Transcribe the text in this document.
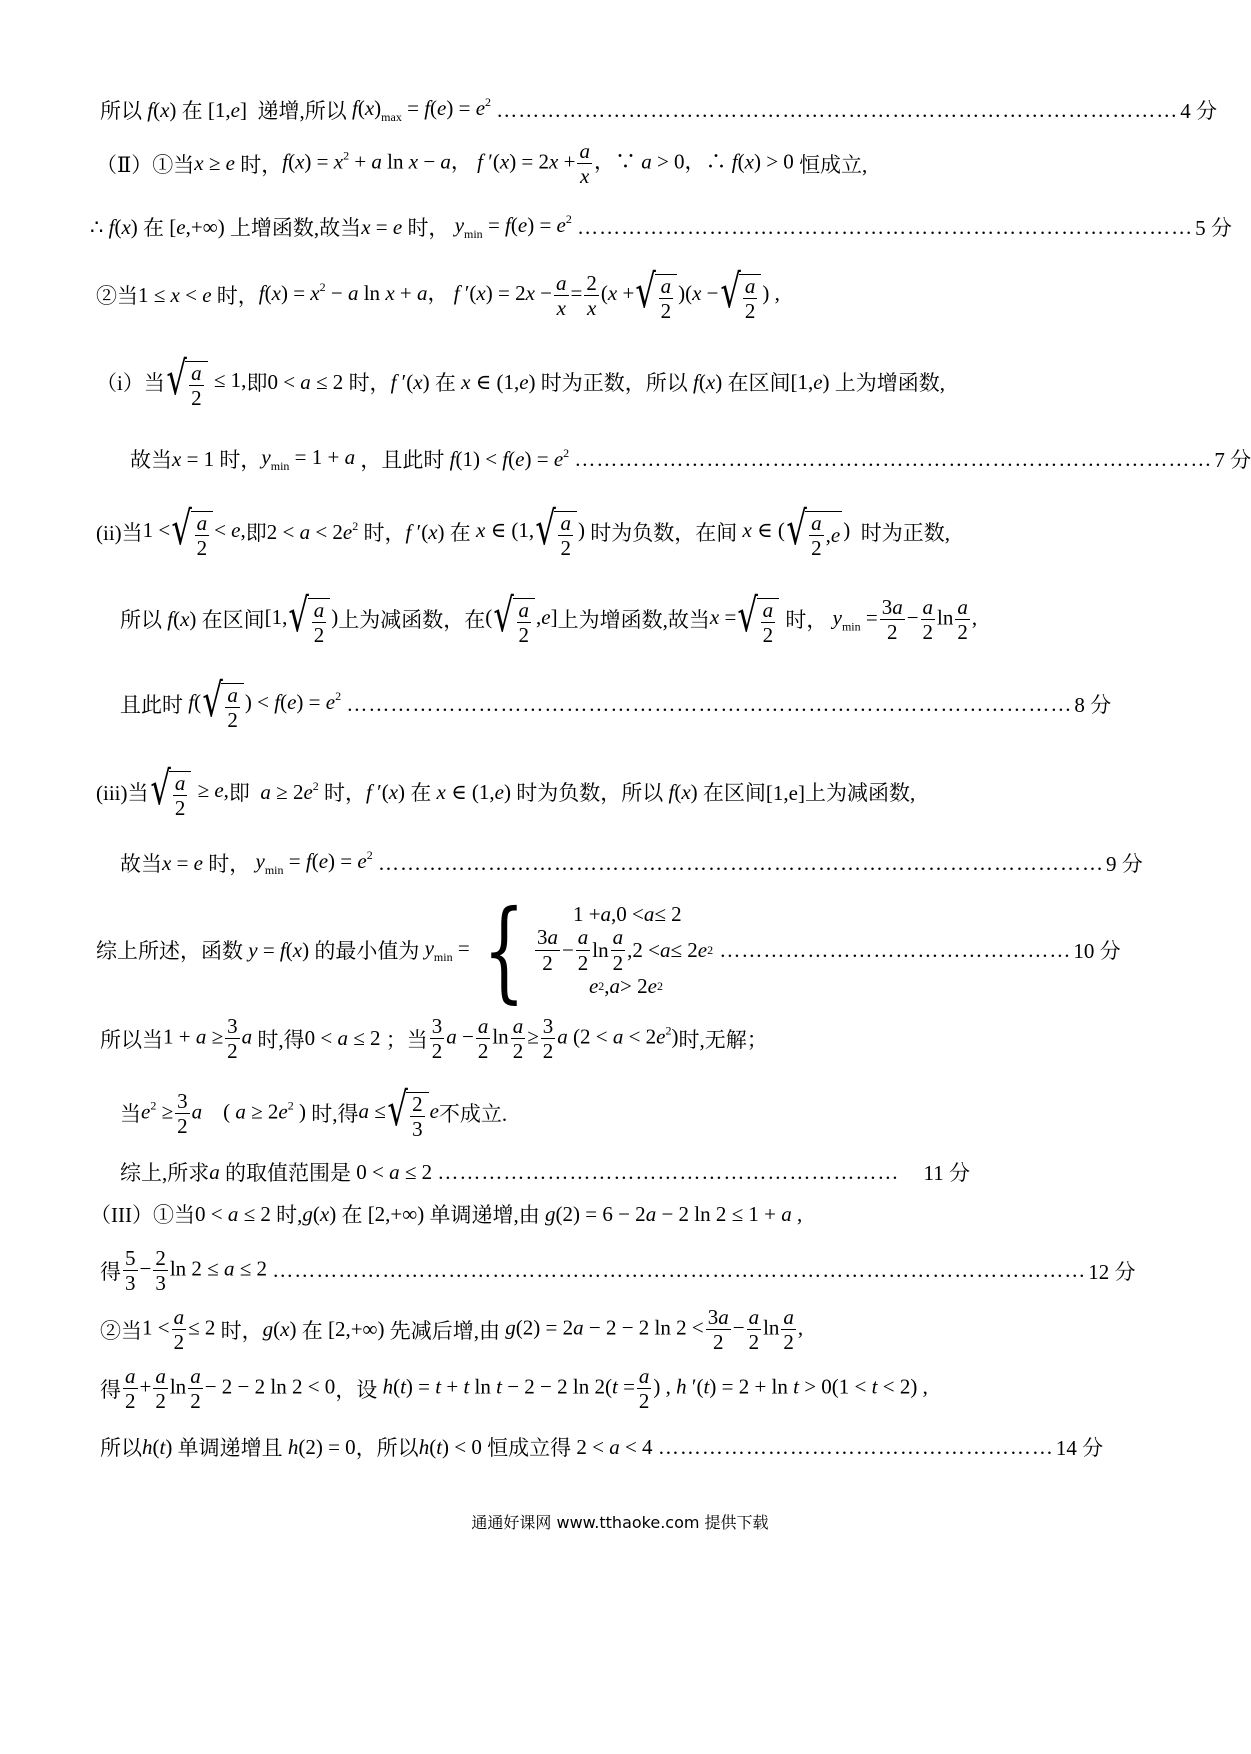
所以 f(x) 在 [1,e] 递增,所以 $f(x)_{max} = f(e) = e^2$ ………………………………………………………………………………… 4 分
（Ⅱ）①当 x ≥ e 时， $f(x) = x^2 + a$ ln x − a， f $'(x) = 2x + \frac{a}{x}$ ，∵ a > 0，∴ f(x) > 0 恒成立,
∴ f(x) 在 [e,+∞) 上增函数,故当 x = e 时， $y_{min} = f(e) = e^2$ ………………………………………………………………………… 5 分
②当 1 ≤ x < e 时， $f(x) = x^2 - a$ ln x + a， f $'(x) = 2x - \frac{a}{x} = \frac{2}{x} (x$ + √ $\frac{a}{2} )(x$ − √ $\frac{a}{2}$ ) ,
（i）当 √ $\frac{a}{2} \le 1$, 即 0 < a ≤ 2 时， f ′(x) 在 x ∈ (1,e) 时为正数，所以 f(x) 在区间 [1,e) 上为增函数,
故当 x = 1 时， $y_{min} = 1 + a$ ，且此时 $f(1) < f(e) = e^2$ …………………………………………………………………………… 7 分
(ii)当 1 < √ $\frac{a}{2} < e$, 即 $2 < a < 2e^2$ 时， f ′(x) 在 x ∈ (1, √ $\frac{a}{2}$ ) 时为负数，在间 x ∈ ( √ $\frac{a}{2}$ , e ) 时为正数,
所以 f(x) 在区间 [1, √ $\frac{a}{2}$ ) 上为减函数，在 ( √ $\frac{a}{2} ,e$] 上为增函数,故当 x = √ $\frac{a}{2}$
时， $y_{min} = \frac{3a}{2} - \frac{a}{2}$ $\ln \frac{a}{2}$ ,
且此时 f( √ $\frac{a}{2}$ ) < $f(e) = e^2$ ……………………………………………………………………………………… 8 分
(iii)当 √ $\frac{a}{2} \ge e$, 即 $a \ge 2e^2$ 时， f ′(x) 在 x ∈ (1,e) 时为负数，所以 f(x) 在区间[1,e]上为减函数,
故当 x = e 时， $y_{min} = f(e) = e^2$ ……………………………………………………………………………………… 9 分
综上所述，函数 y = f(x) 的最小值为 $y_{min}$ = {	1 + a ,0 < a ≤ 2
$\frac{3a}{2} - \frac{a}{2}$ $\ln \frac{a}{2} ,2 < a \le 2$ e 2
e 2 , a > 2 e 2
………………………………………… 10 分
所以当 $1 + a \ge \frac{3}{2}$ a 时,得 0 < a ≤ 2 ；当 $\frac{3}{2}$ $a - \frac{a}{2}$ $\ln \frac{a}{2} \ge \frac{3}{2}$ a $(2 < a < 2e^2)$ 时,无解；
当 $e^2 \ge \frac{3}{2}$ a    ( $a \ge 2e^2$ ) 时,得 a ≤ √ $\frac{2}{3}$ e 不成立.
综上,所求 a 的取值范围是 0 < a ≤ 2 ………………………………………………………	11 分
（III）①当 0 < a ≤ 2 时, g(x) 在 [2,+∞) 单调递增,由 g(2) = 6 − 2a − 2 ln 2 ≤ 1 + a ,
得 $\frac{5}{3} - \frac{2}{3}$ ln 2 ≤ a ≤ 2 ………………………………………………………………………………………………… 12 分
②当 $1 < \frac{a}{2} \le 2$ 时， g(x) 在 [2,+∞) 先减后增,由 g(2) = 2a − 2 − 2 $\ln 2 < \frac{3a}{2} - \frac{a}{2}$ $\ln \frac{a}{2}$ ,
得 $\frac{a}{2} + \frac{a}{2}$ $\ln \frac{a}{2} - 2 - 2$ ln 2 < 0 ，设 h(t) = t + t ln t − 2 − 2 $\ln 2(t = \frac{a}{2}$ ) , h ′(t) = 2 + ln t > 0(1 < t < 2) ,
所以 h(t) 单调递增且 h(2) = 0 ，所以 h(t) < 0 恒成立得 2 < a < 4 ……………………………………………… 14 分
通通好课网 www.tthaoke.com 提供下载
